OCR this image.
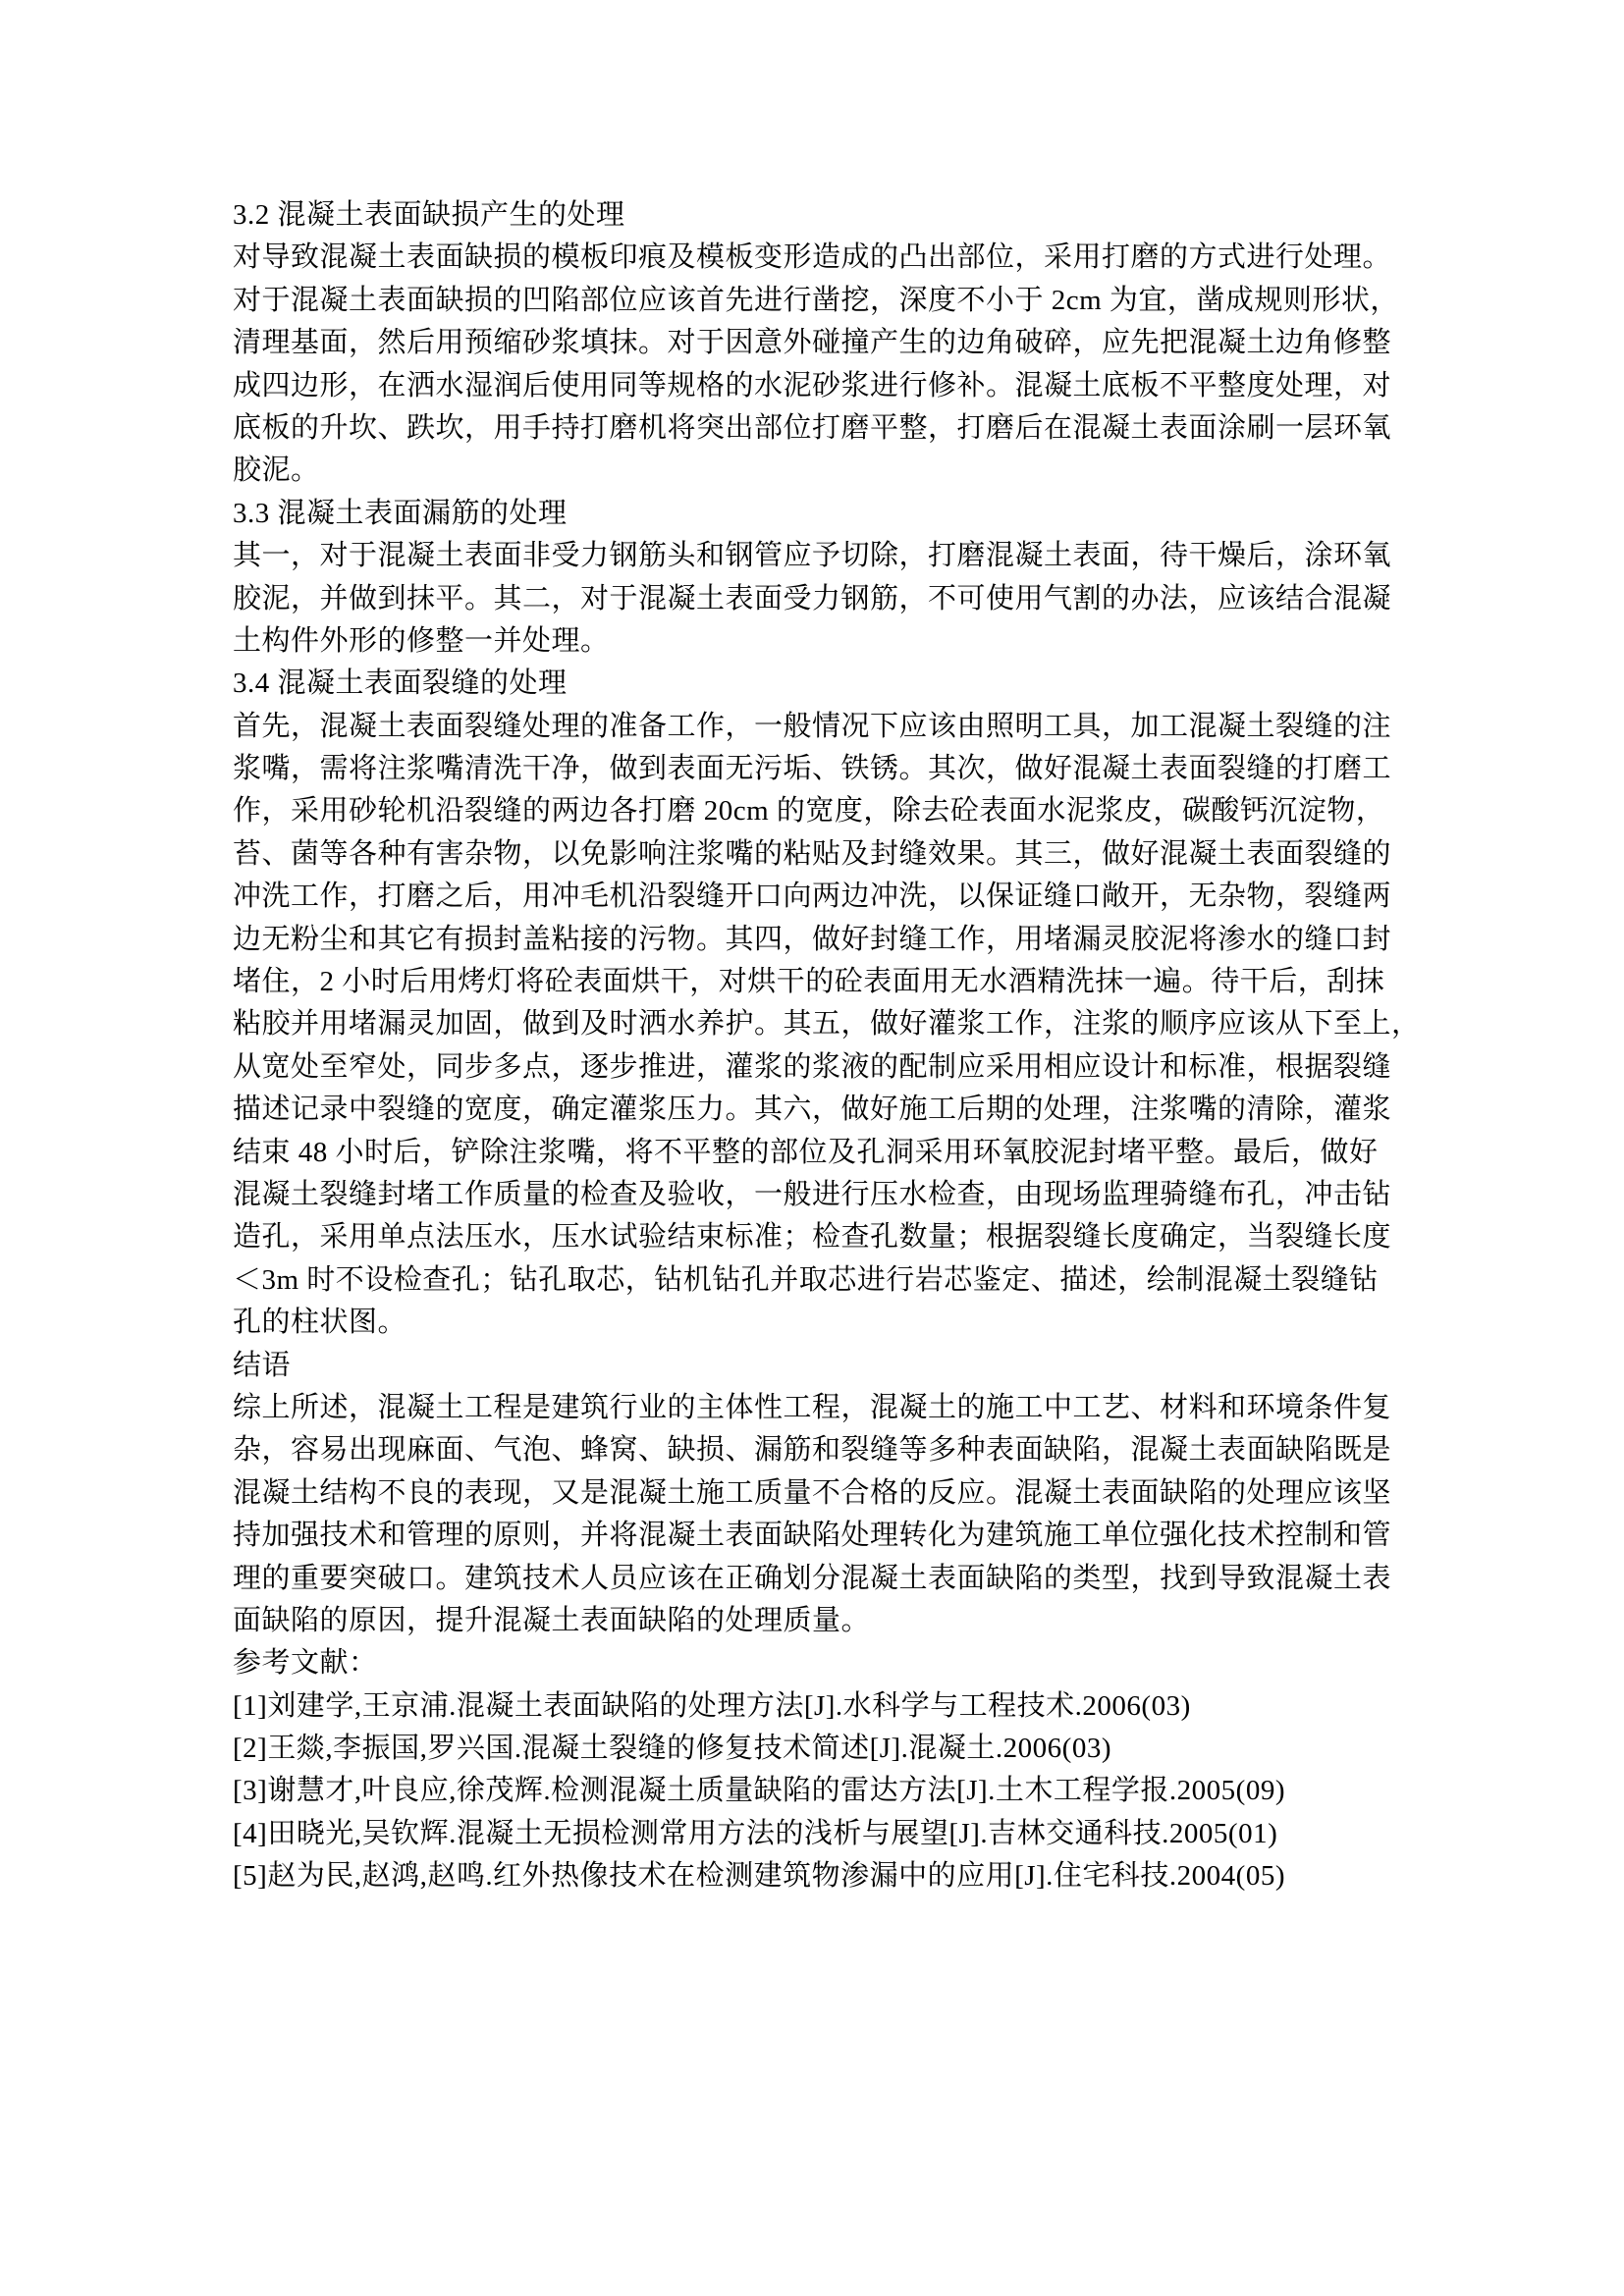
3.2 混凝土表面缺损产生的处理
对导致混凝土表面缺损的模板印痕及模板变形造成的凸出部位，采用打磨的方式进行处理。
对于混凝土表面缺损的凹陷部位应该首先进行凿挖，深度不小于 2cm 为宜，凿成规则形状，
清理基面，然后用预缩砂浆填抹。对于因意外碰撞产生的边角破碎，应先把混凝土边角修整
成四边形，在洒水湿润后使用同等规格的水泥砂浆进行修补。混凝土底板不平整度处理，对
底板的升坎、跌坎，用手持打磨机将突出部位打磨平整，打磨后在混凝土表面涂刷一层环氧
胶泥。
3.3 混凝土表面漏筋的处理
其一，对于混凝土表面非受力钢筋头和钢管应予切除，打磨混凝土表面，待干燥后，涂环氧
胶泥，并做到抹平。其二，对于混凝土表面受力钢筋，不可使用气割的办法，应该结合混凝
土构件外形的修整一并处理。
3.4 混凝土表面裂缝的处理
首先，混凝土表面裂缝处理的准备工作，一般情况下应该由照明工具，加工混凝土裂缝的注
浆嘴，需将注浆嘴清洗干净，做到表面无污垢、铁锈。其次，做好混凝土表面裂缝的打磨工
作，采用砂轮机沿裂缝的两边各打磨 20cm 的宽度，除去砼表面水泥浆皮，碳酸钙沉淀物，
苔、菌等各种有害杂物，以免影响注浆嘴的粘贴及封缝效果。其三，做好混凝土表面裂缝的
冲洗工作，打磨之后，用冲毛机沿裂缝开口向两边冲洗，以保证缝口敞开，无杂物，裂缝两
边无粉尘和其它有损封盖粘接的污物。其四，做好封缝工作，用堵漏灵胶泥将渗水的缝口封
堵住，2 小时后用烤灯将砼表面烘干，对烘干的砼表面用无水酒精洗抹一遍。待干后，刮抹
粘胶并用堵漏灵加固，做到及时洒水养护。其五，做好灌浆工作，注浆的顺序应该从下至上，
从宽处至窄处，同步多点，逐步推进，灌浆的浆液的配制应采用相应设计和标准，根据裂缝
描述记录中裂缝的宽度，确定灌浆压力。其六，做好施工后期的处理，注浆嘴的清除，灌浆
结束 48 小时后，铲除注浆嘴，将不平整的部位及孔洞采用环氧胶泥封堵平整。最后，做好
混凝土裂缝封堵工作质量的检查及验收，一般进行压水检查，由现场监理骑缝布孔，冲击钻
造孔，采用单点法压水，压水试验结束标准；检查孔数量；根据裂缝长度确定，当裂缝长度
＜3m 时不设检查孔；钻孔取芯，钻机钻孔并取芯进行岩芯鉴定、描述，绘制混凝土裂缝钻
孔的柱状图。
结语
综上所述，混凝土工程是建筑行业的主体性工程，混凝土的施工中工艺、材料和环境条件复
杂，容易出现麻面、气泡、蜂窝、缺损、漏筋和裂缝等多种表面缺陷，混凝土表面缺陷既是
混凝土结构不良的表现，又是混凝土施工质量不合格的反应。混凝土表面缺陷的处理应该坚
持加强技术和管理的原则，并将混凝土表面缺陷处理转化为建筑施工单位强化技术控制和管
理的重要突破口。建筑技术人员应该在正确划分混凝土表面缺陷的类型，找到导致混凝土表
面缺陷的原因，提升混凝土表面缺陷的处理质量。
参考文献：
[1]刘建学,王京浦.混凝土表面缺陷的处理方法[J].水科学与工程技术.2006(03)
[2]王燚,李振国,罗兴国.混凝土裂缝的修复技术简述[J].混凝土.2006(03)
[3]谢慧才,叶良应,徐茂辉.检测混凝土质量缺陷的雷达方法[J].土木工程学报.2005(09)
[4]田晓光,吴钦辉.混凝土无损检测常用方法的浅析与展望[J].吉林交通科技.2005(01)
[5]赵为民,赵鸿,赵鸣.红外热像技术在检测建筑物渗漏中的应用[J].住宅科技.2004(05)
